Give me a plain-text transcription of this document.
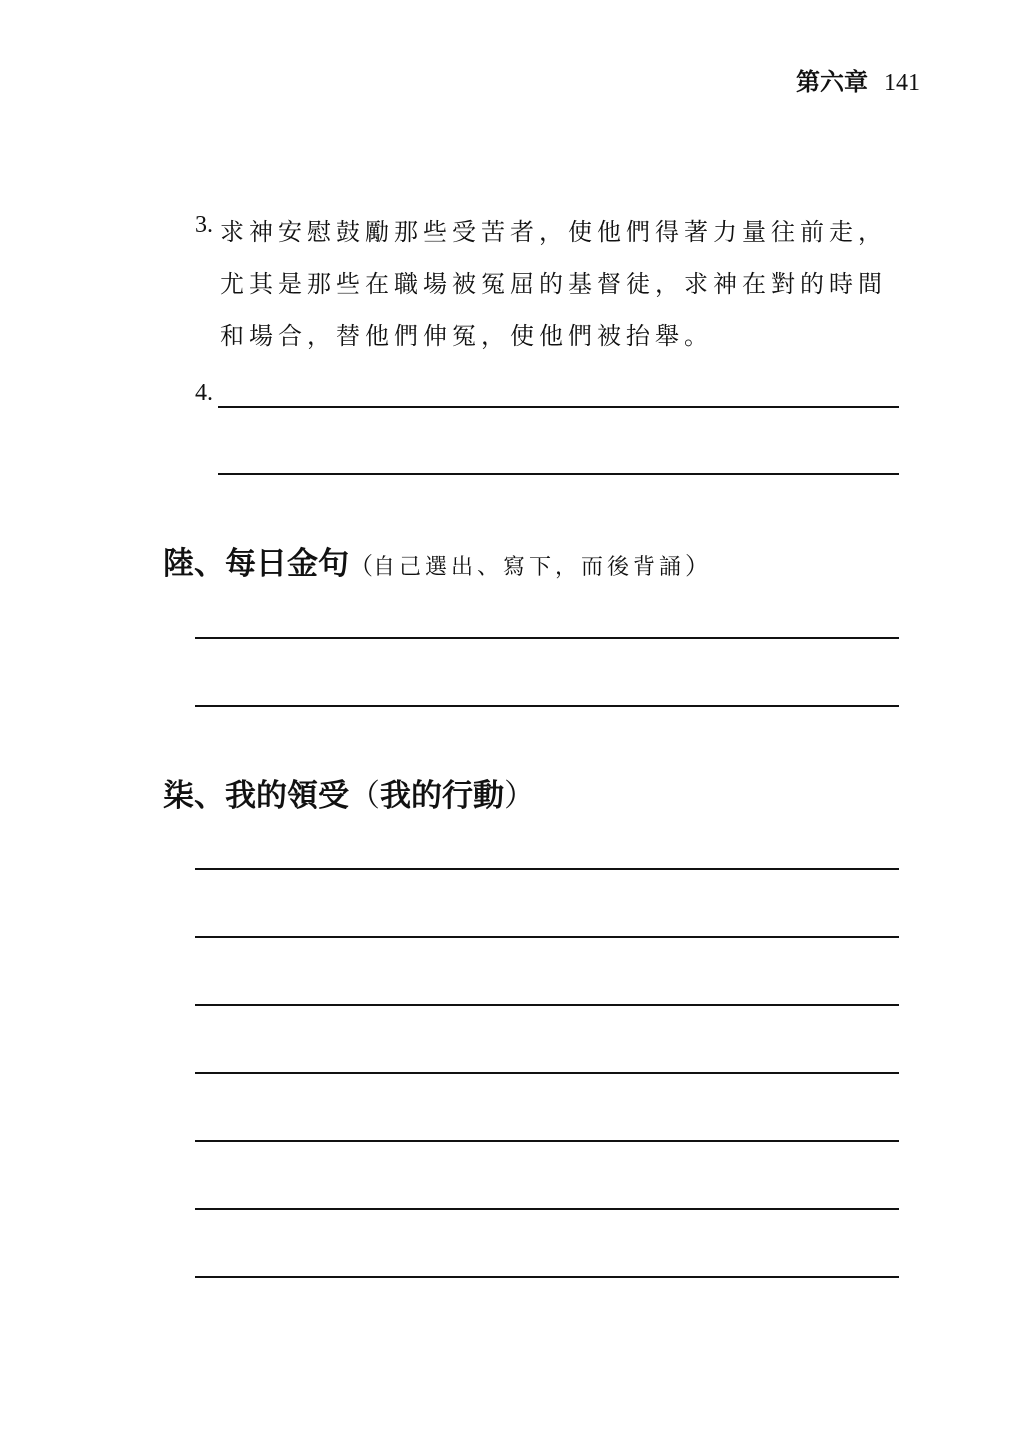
第六章 141
3. 求神安慰鼓勵那些受苦者，使他們得著力量往前走，
尤其是那些在職場被冤屈的基督徒，求神在對的時間
和場合，替他們伸冤，使他們被抬舉。
4.
陸、每日金句（自己選出、寫下，而後背誦）
柒、我的領受（我的行動）
